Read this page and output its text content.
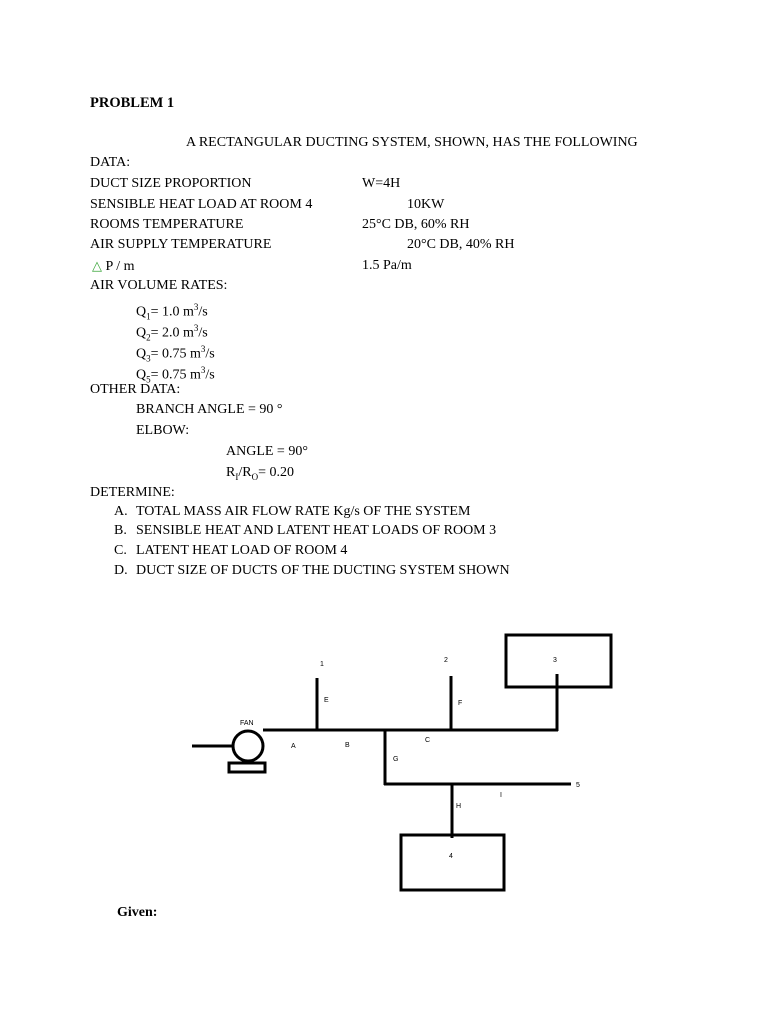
PROBLEM 1
A RECTANGULAR DUCTING SYSTEM, SHOWN, HAS THE FOLLOWING
DATA:
DUCT SIZE PROPORTION	W=4H
SENSIBLE HEAT LOAD AT ROOM 4	10KW
ROOMS TEMPERATURE	25°C DB, 60% RH
AIR SUPPLY TEMPERATURE	20°C DB, 40% RH
△ P / m	1.5 Pa/m
AIR VOLUME RATES:
$Q_1= 1.0$ $m^3/s$
$Q_2= 2.0$ $m^3/s$
$Q_3= 0.75$ $m^3/s$
$Q_5= 0.75$ $m^3/s$
OTHER DATA:
BRANCH ANGLE = 90 °
ELBOW:
ANGLE = 90°
$R_I/R_O= 0.20$
DETERMINE:
A. TOTAL MASS AIR FLOW RATE Kg/s OF THE SYSTEM
B. SENSIBLE HEAT AND LATENT HEAT LOADS OF ROOM 3
C. LATENT HEAT LOAD OF ROOM 4
D. DUCT SIZE OF DUCTS OF THE DUCTING SYSTEM SHOWN
FAN
1
2	3
4
5
A	B
C
E	F
G
H
I
Given:
